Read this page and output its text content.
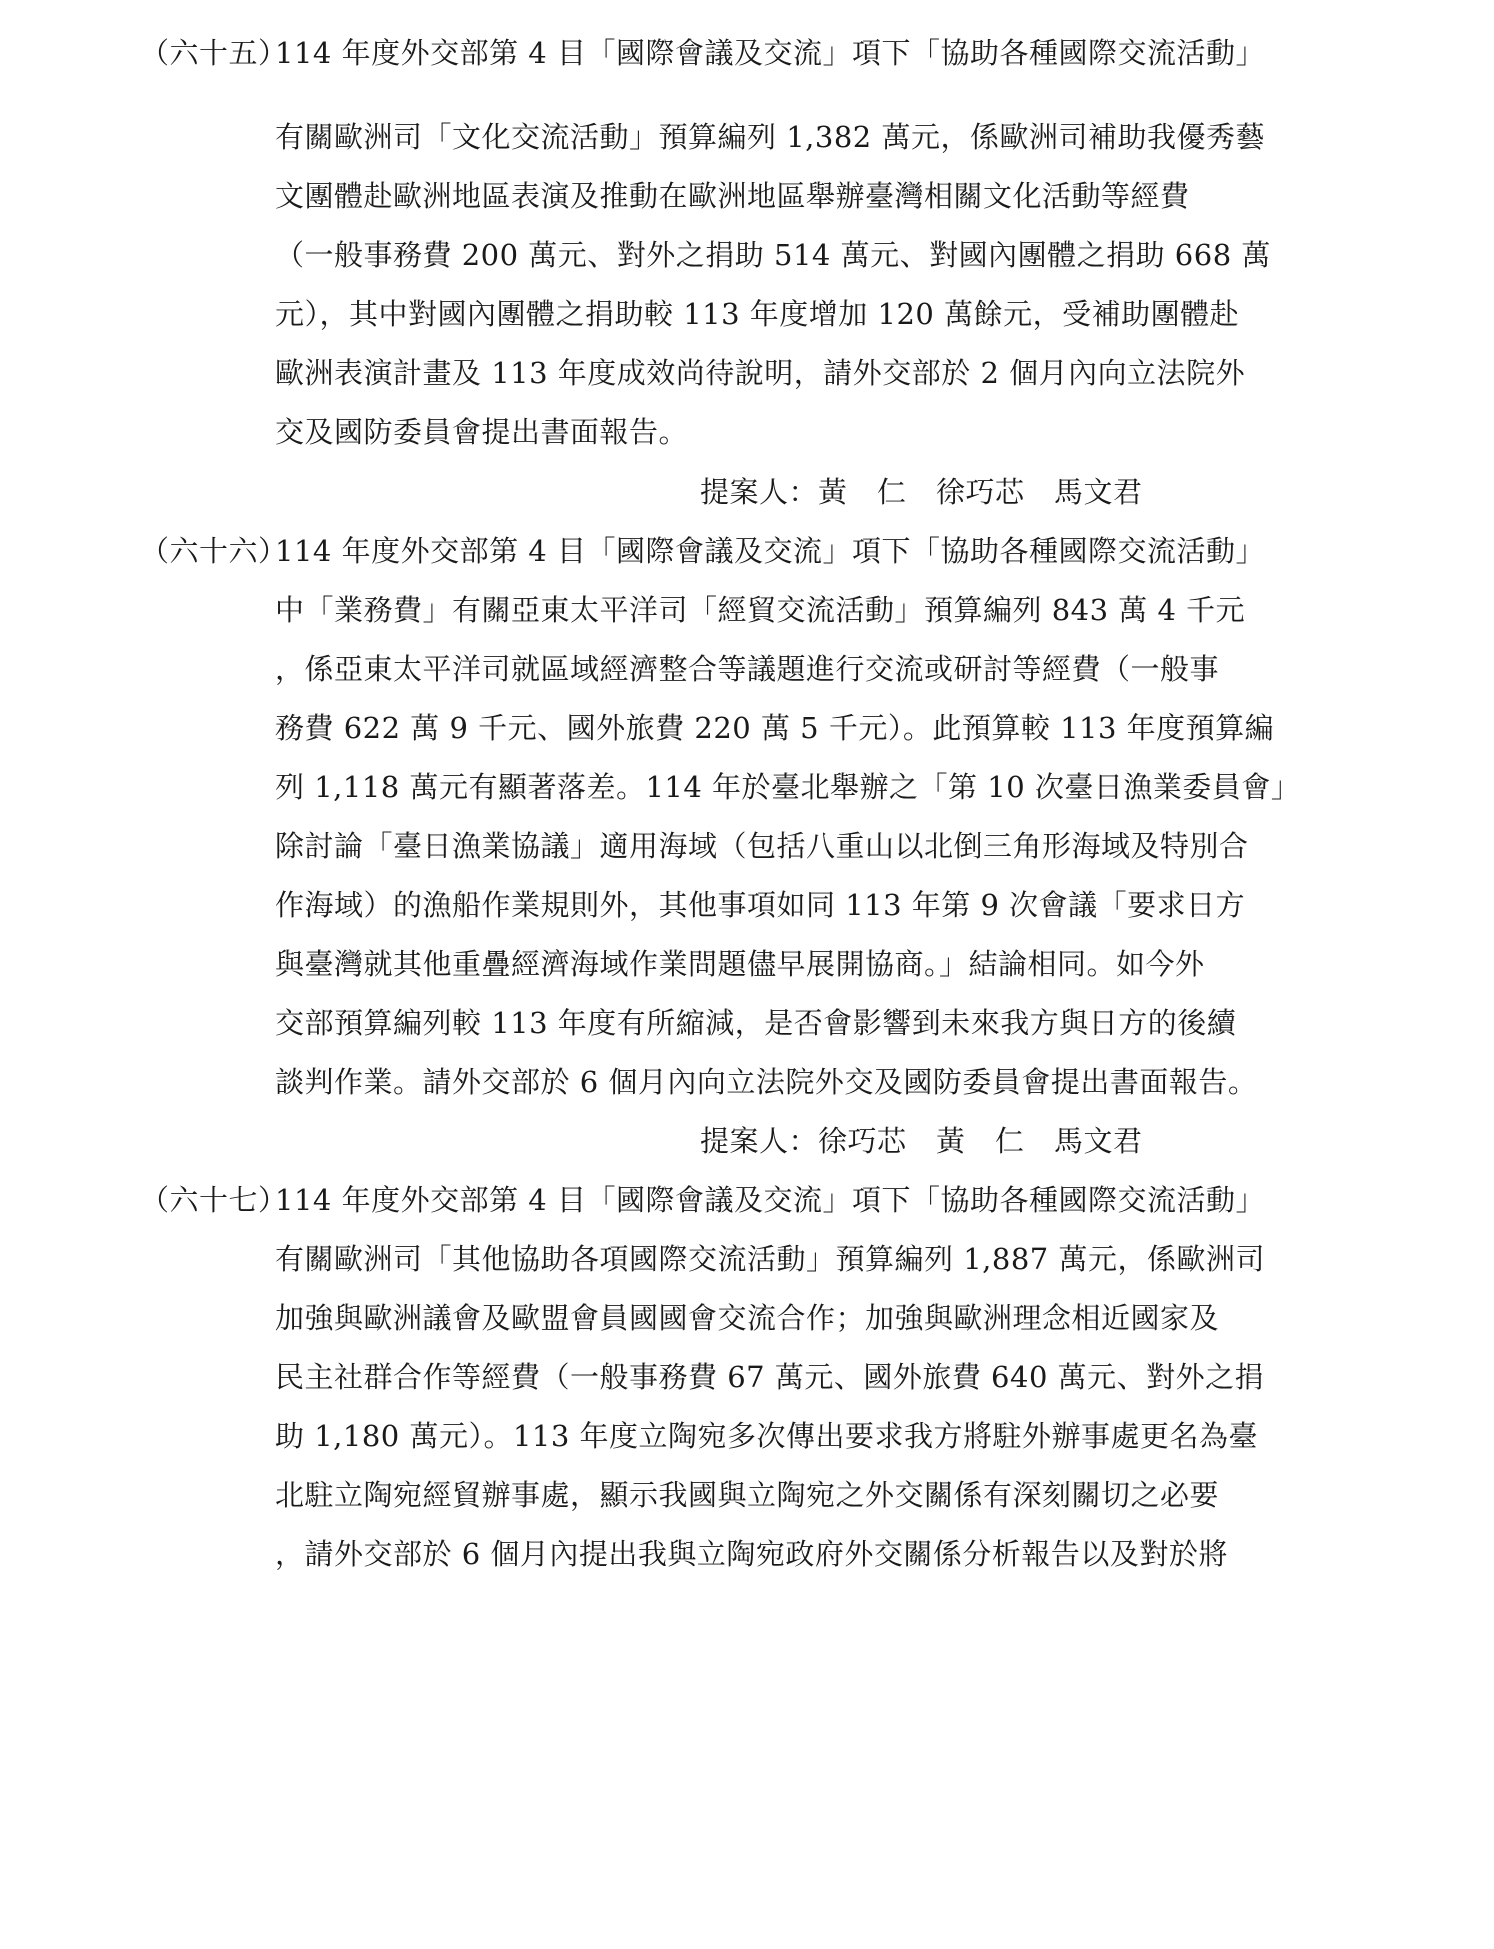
（六十五）
114 年度外交部第 4 目「國際會議及交流」項下「協助各種國際交流活動」
有關歐洲司「文化交流活動」預算編列 1,382 萬元，係歐洲司補助我優秀藝
文團體赴歐洲地區表演及推動在歐洲地區舉辦臺灣相關文化活動等經費
（一般事務費 200 萬元、對外之捐助 514 萬元、對國內團體之捐助 668 萬
元），其中對國內團體之捐助較 113 年度增加 120 萬餘元，受補助團體赴
歐洲表演計畫及 113 年度成效尚待說明，請外交部於 2 個月內向立法院外
交及國防委員會提出書面報告。
提案人：黃　仁　徐巧芯　馬文君
（六十六）
114 年度外交部第 4 目「國際會議及交流」項下「協助各種國際交流活動」
中「業務費」有關亞東太平洋司「經貿交流活動」預算編列 843 萬 4 千元
，係亞東太平洋司就區域經濟整合等議題進行交流或研討等經費（一般事
務費 622 萬 9 千元、國外旅費 220 萬 5 千元）。此預算較 113 年度預算編
列 1,118 萬元有顯著落差。114 年於臺北舉辦之「第 10 次臺日漁業委員會」
除討論「臺日漁業協議」適用海域（包括八重山以北倒三角形海域及特別合
作海域）的漁船作業規則外，其他事項如同 113 年第 9 次會議「要求日方
與臺灣就其他重疊經濟海域作業問題儘早展開協商。」結論相同。如今外
交部預算編列較 113 年度有所縮減，是否會影響到未來我方與日方的後續
談判作業。請外交部於 6 個月內向立法院外交及國防委員會提出書面報告。
提案人：徐巧芯　黃　仁　馬文君
（六十七）
114 年度外交部第 4 目「國際會議及交流」項下「協助各種國際交流活動」
有關歐洲司「其他協助各項國際交流活動」預算編列 1,887 萬元，係歐洲司
加強與歐洲議會及歐盟會員國國會交流合作；加強與歐洲理念相近國家及
民主社群合作等經費（一般事務費 67 萬元、國外旅費 640 萬元、對外之捐
助 1,180 萬元）。113 年度立陶宛多次傳出要求我方將駐外辦事處更名為臺
北駐立陶宛經貿辦事處，顯示我國與立陶宛之外交關係有深刻關切之必要
，請外交部於 6 個月內提出我與立陶宛政府外交關係分析報告以及對於將
